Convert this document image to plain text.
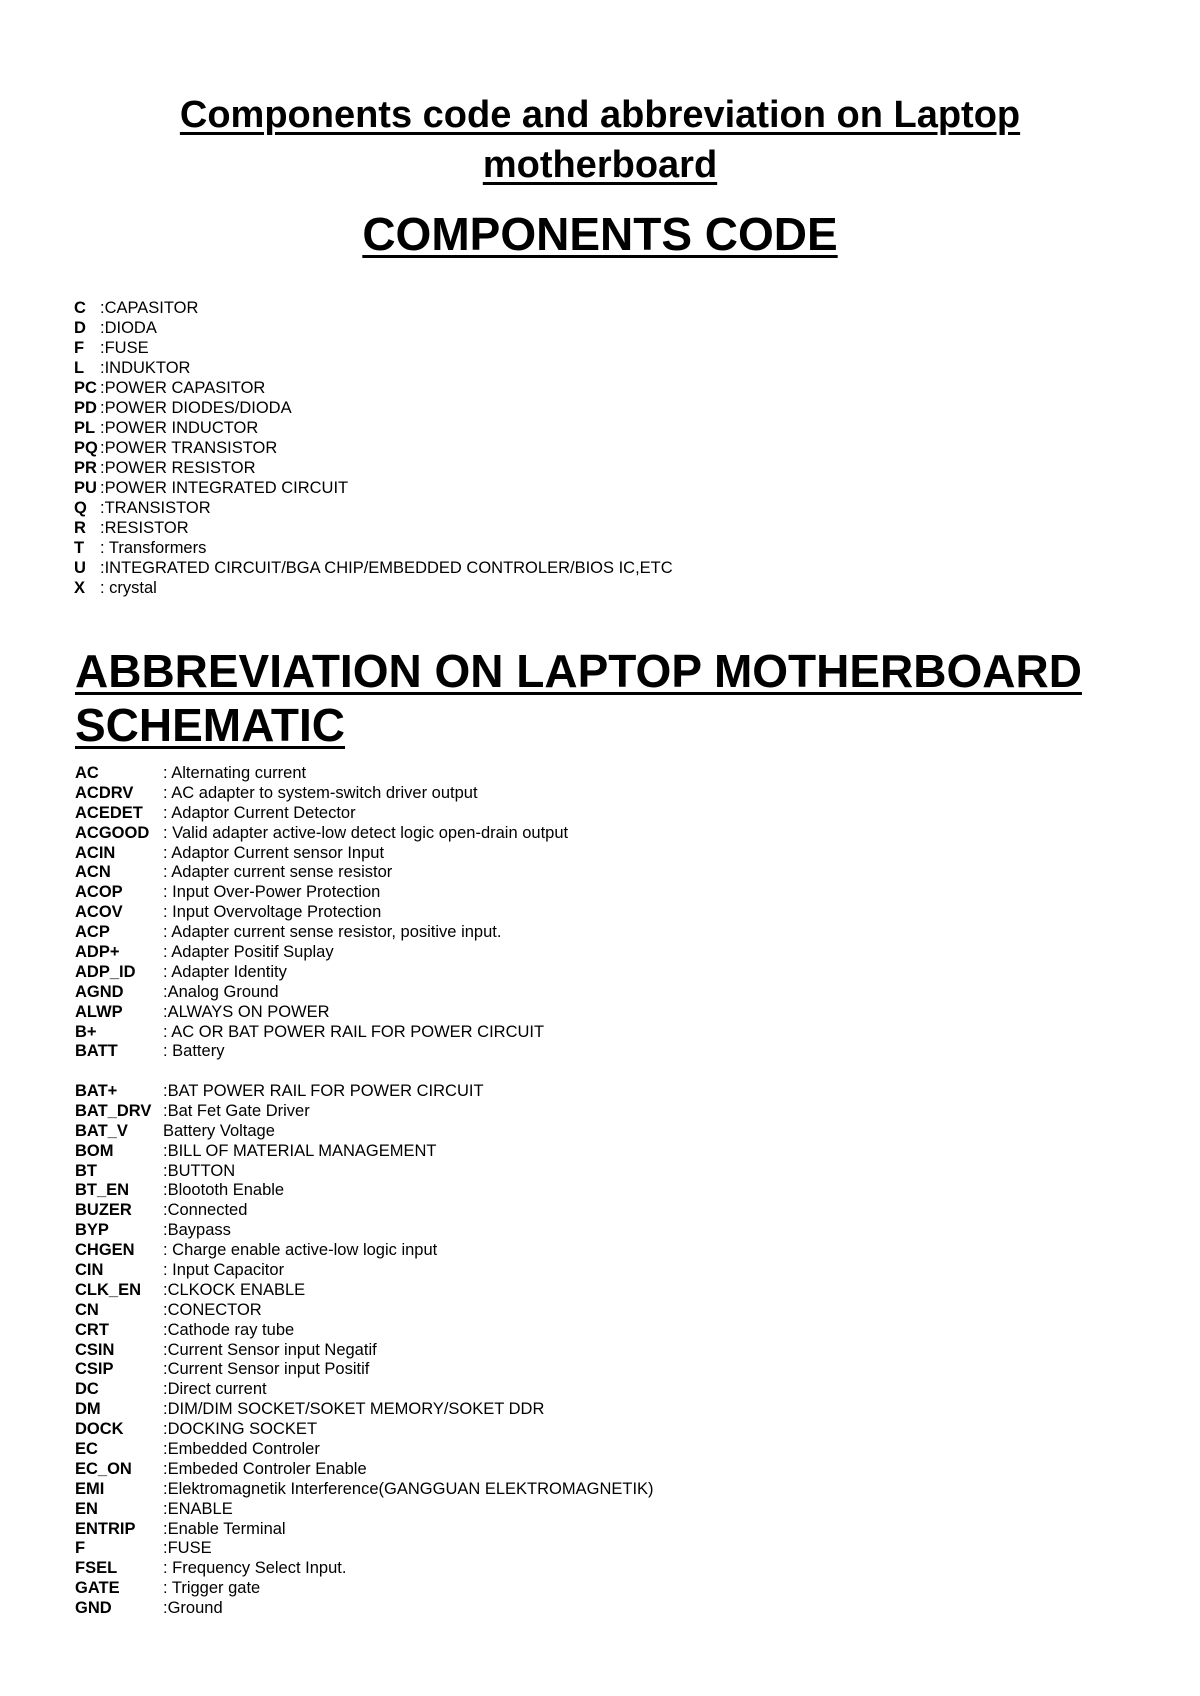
Components code and abbreviation on Laptop
motherboard
COMPONENTS CODE
C :CAPASITOR
D :DIODA
F :FUSE
L :INDUKTOR
PC :POWER CAPASITOR
PD :POWER DIODES/DIODA
PL :POWER INDUCTOR
PQ :POWER TRANSISTOR
PR :POWER RESISTOR
PU :POWER INTEGRATED CIRCUIT
Q :TRANSISTOR
R :RESISTOR
T : Transformers
U :INTEGRATED CIRCUIT/BGA CHIP/EMBEDDED CONTROLER/BIOS IC,ETC
X : crystal
ABBREVIATION ON LAPTOP MOTHERBOARD
SCHEMATIC
AC	: Alternating current
ACDRV	: AC adapter to system-switch driver output
ACEDET	: Adaptor Current Detector
ACGOOD : Valid adapter active-low detect logic open-drain output
ACIN	: Adaptor Current sensor Input
ACN	: Adapter current sense resistor
ACOP	: Input Over-Power Protection
ACOV	: Input Overvoltage Protection
ACP	: Adapter current sense resistor, positive input.
ADP+	: Adapter Positif Suplay
ADP_ID	: Adapter Identity
AGND	:Analog Ground
ALWP	:ALWAYS ON POWER
B+	: AC OR BAT POWER RAIL FOR POWER CIRCUIT
BATT	: Battery
BAT+	:BAT POWER RAIL FOR POWER CIRCUIT
BAT_DRV :Bat Fet Gate Driver
BAT_V	Battery Voltage
BOM	:BILL OF MATERIAL MANAGEMENT
BT	:BUTTON
BT_EN	:Bloototh Enable
BUZER	:Connected
BYP	:Baypass
CHGEN	: Charge enable active-low logic input
CIN	: Input Capacitor
CLK_EN	:CLKOCK ENABLE
CN	:CONECTOR
CRT	:Cathode ray tube
CSIN	:Current Sensor input Negatif
CSIP	:Current Sensor input Positif
DC	:Direct current
DM	:DIM/DIM SOCKET/SOKET MEMORY/SOKET DDR
DOCK	:DOCKING SOCKET
EC	:Embedded Controler
EC_ON	:Embeded Controler Enable
EMI	:Elektromagnetik Interference(GANGGUAN ELEKTROMAGNETIK)
EN	:ENABLE
ENTRIP	:Enable Terminal
F	:FUSE
FSEL	: Frequency Select Input.
GATE	: Trigger gate
GND	:Ground
